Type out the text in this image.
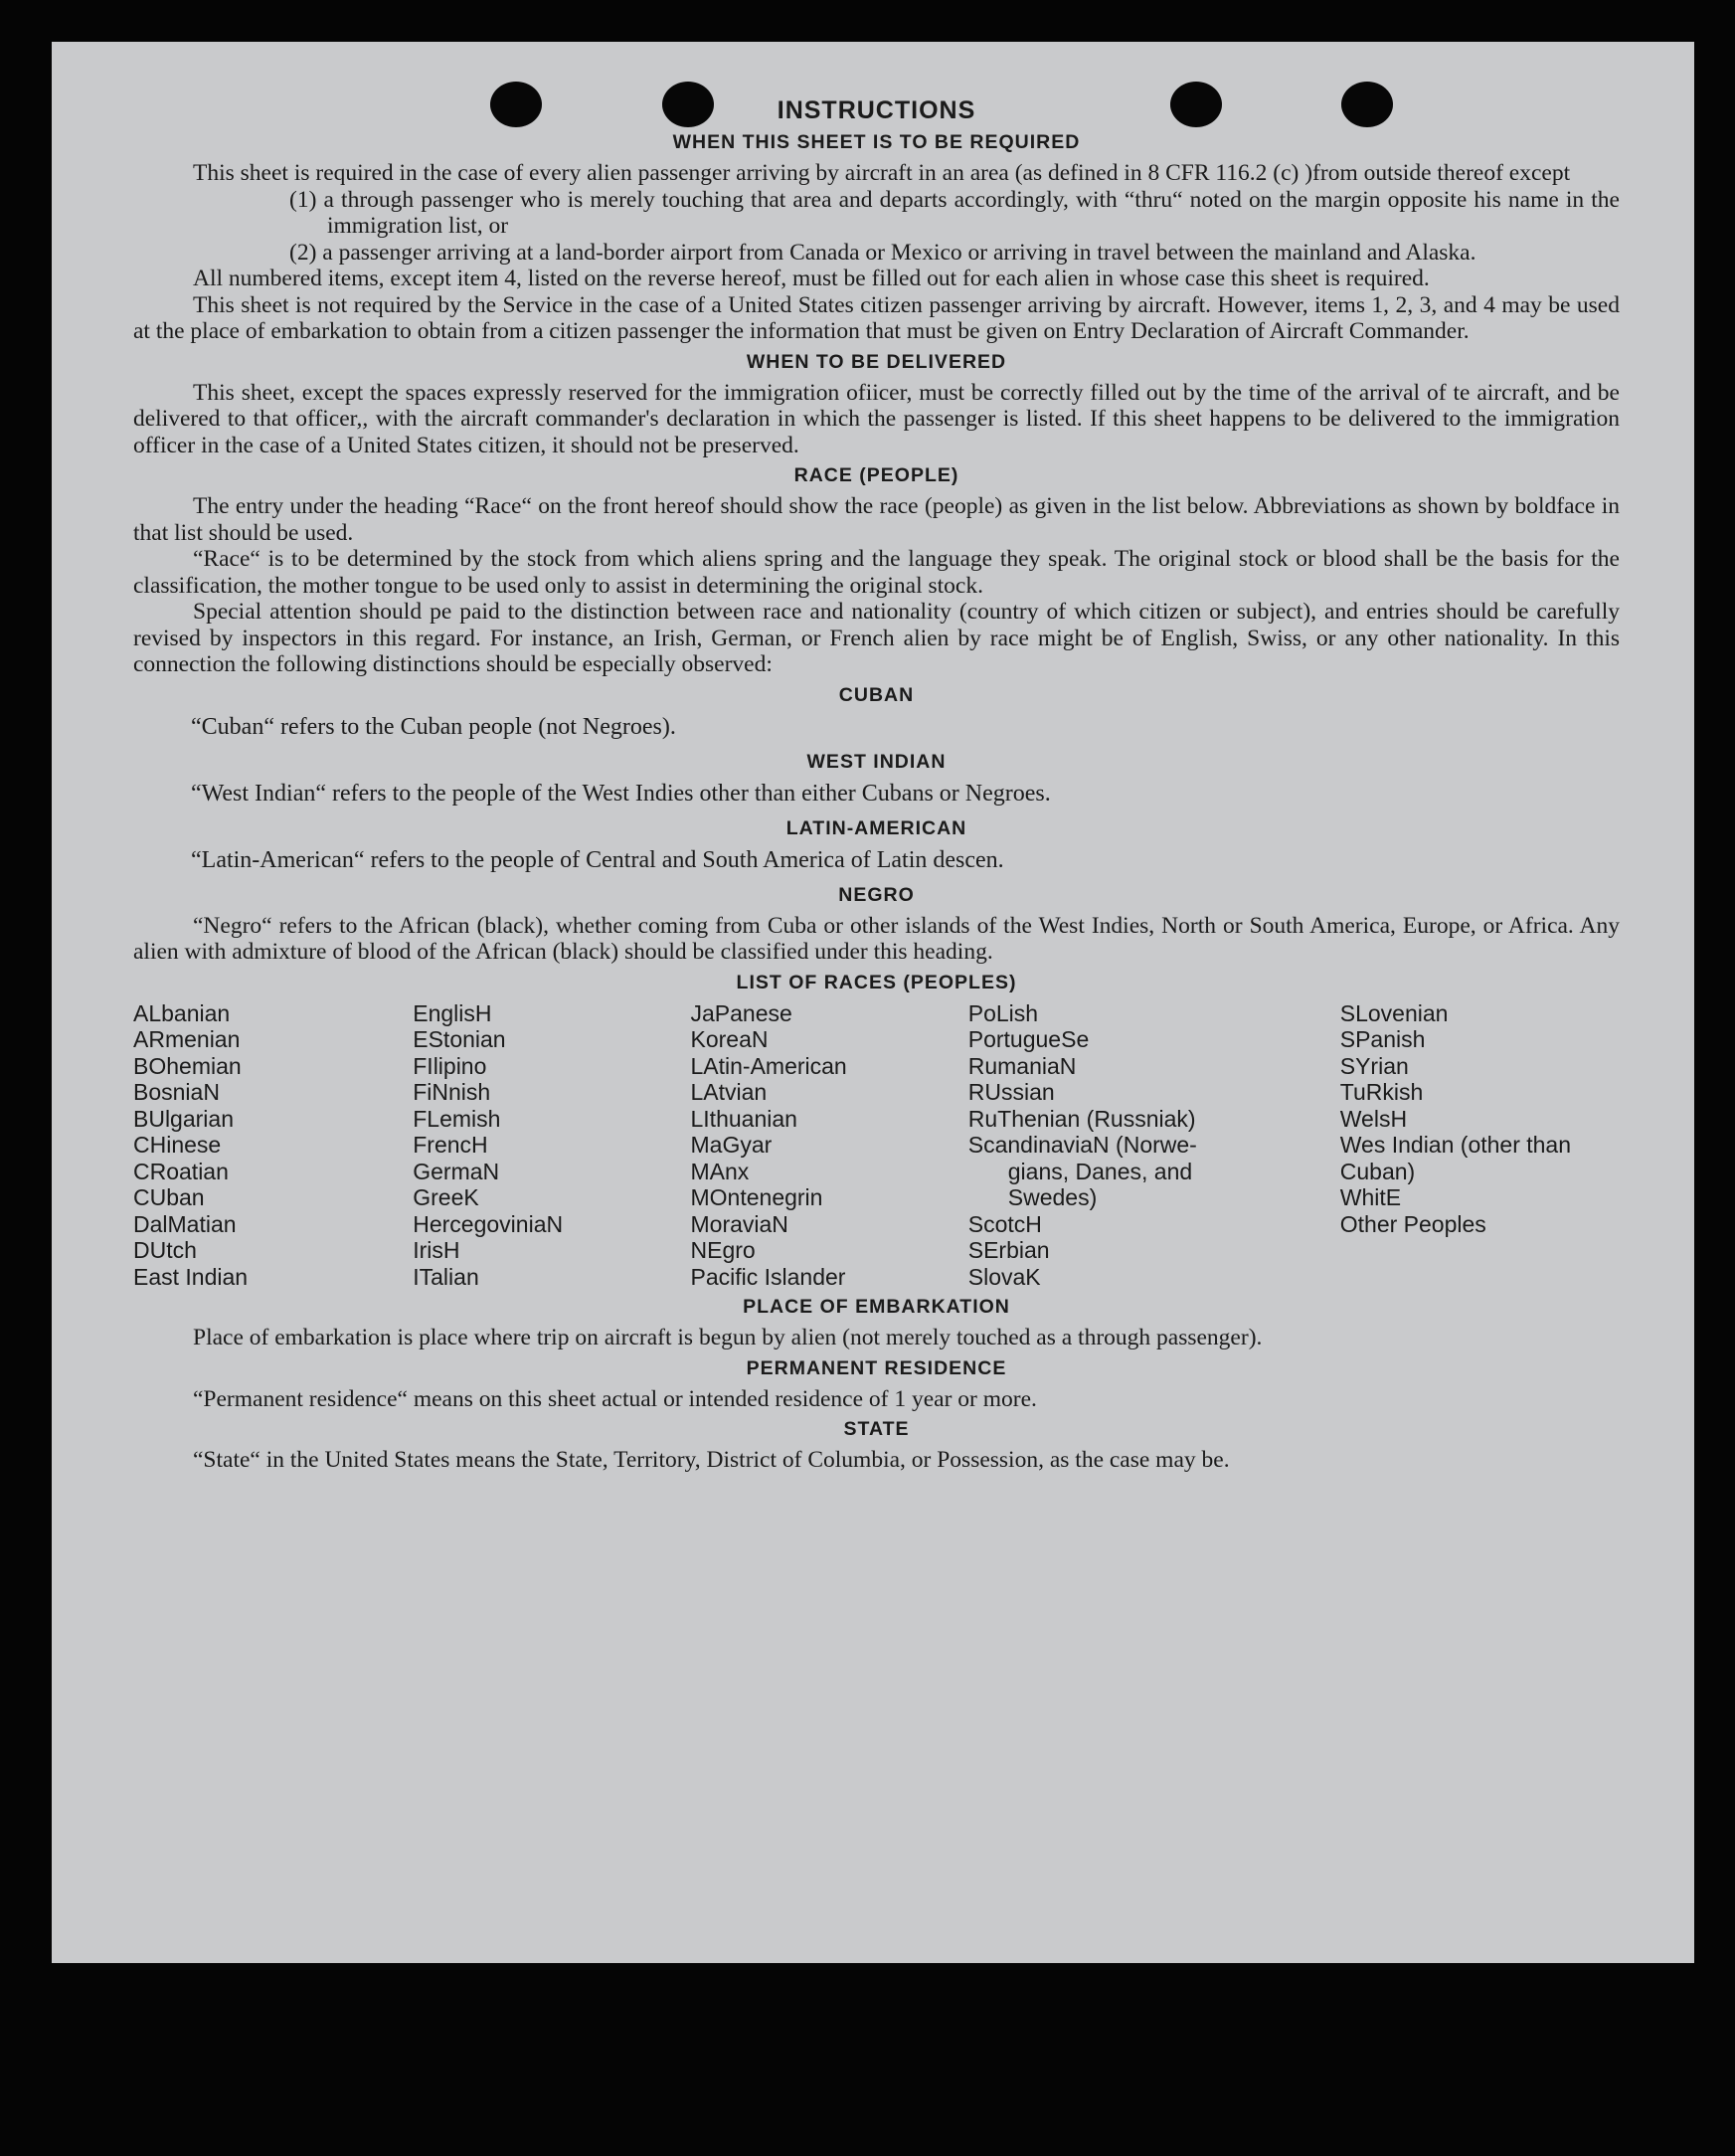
INSTRUCTIONS
WHEN THIS SHEET IS TO BE REQUIRED

This sheet is required in the case of every alien passenger arriving by aircraft in an area (as defined in 8 CFR 116.2 (c) )from outside thereof except

(1) a through passenger who is merely touching that area and departs accordingly, with “thru“ noted on the margin opposite his name in the immigration list, or

(2) a passenger arriving at a land-border airport from Canada or Mexico or arriving in travel between the mainland and Alaska.

All numbered items, except item 4, listed on the reverse hereof, must be filled out for each alien in whose case this sheet is required.

This sheet is not required by the Service in the case of a United States citizen passenger arriving by aircraft. However, items 1, 2, 3, and 4 may be used at the place of embarkation to obtain from a citizen passenger the information that must be given on Entry Declaration of Aircraft Commander.

WHEN TO BE DELIVERED

This sheet, except the spaces expressly reserved for the immigration ofiicer, must be correctly filled out by the time of the arrival of te aircraft, and be delivered to that officer,, with the aircraft commander's declaration in which the passenger is listed. If this sheet happens to be delivered to the immigration officer in the case of a United States citizen, it should not be preserved.

RACE (PEOPLE)

The entry under the heading “Race“ on the front hereof should show the race (people) as given in the list below. Abbreviations as shown by boldface in that list should be used.

“Race“ is to be determined by the stock from which aliens spring and the language they speak. The original stock or blood shall be the basis for the classification, the mother tongue to be used only to assist in determining the original stock.

Special attention should pe paid to the distinction between race and nationality (country of which citizen or subject), and entries should be carefully revised by inspectors in this regard. For instance, an Irish, German, or French alien by race might be of English, Swiss, or any other nationality. In this connection the following distinctions should be especially observed:

CUBAN

“Cuban“ refers to the Cuban people (not Negroes).

WEST INDIAN

“West Indian“ refers to the people of the West Indies other than either Cubans or Negroes.

LATIN-AMERICAN

“Latin-American“ refers to the people of Central and South America of Latin descen.

NEGRO

“Negro“ refers to the African (black), whether coming from Cuba or other islands of the West Indies, North or South America, Europe, or Africa. Any alien with admixture of blood of the African (black) should be classified under this heading.

LIST OF RACES (PEOPLES)
ALbanian
ARmenian
BOhemian
BosniaN
BUlgarian
CHinese
CRoatian
CUban
DalMatian
DUtch
East Indian
EnglisH
EStonian
FIlipino
FiNnish
FLemish
FrencH
GermaN
GreeK
HercegoviniaN
IrisH
ITalian
JaPanese
KoreaN
LAtin-American
LAtvian
LIthuanian
MaGyar
MAnx
MOntenegrin
MoraviaN
NEgro
Pacific Islander
PoLish
PortugueSe
RumaniaN
RUssian
RuThenian (Russniak)
ScandinaviaN (Norwe-
gians, Danes, and
Swedes)
ScotcH
SErbian
SlovaK
SLovenian
SPanish
SYrian
TuRkish
WelsH
Wes Indian (other than Cuban)
WhitE
Other Peoples
PLACE OF EMBARKATION

Place of embarkation is place where trip on aircraft is begun by alien (not merely touched as a through passenger).

PERMANENT RESIDENCE

“Permanent residence“ means on this sheet actual or intended residence of 1 year or more.

STATE

“State“ in the United States means the State, Territory, District of Columbia, or Possession, as the case may be.
